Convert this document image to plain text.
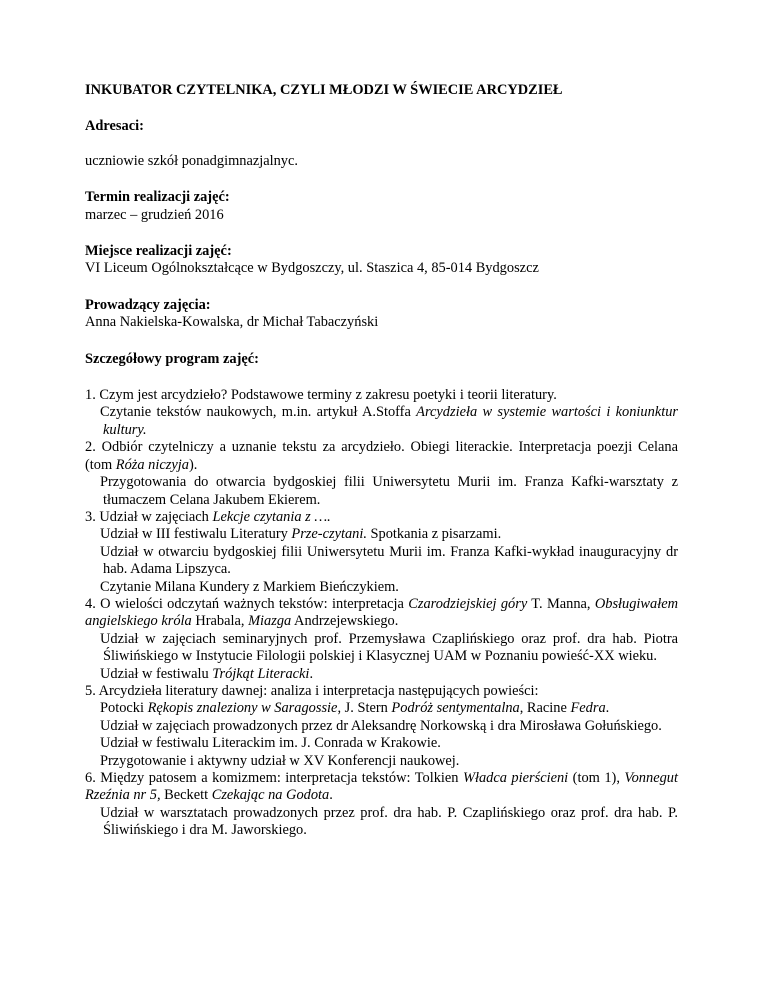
INKUBATOR CZYTELNIKA, CZYLI MŁODZI W ŚWIECIE ARCYDZIEŁ

Adresaci:

uczniowie szkół ponadgimnazjalnyc.

Termin realizacji zajęć:

marzec – grudzień 2016

Miejsce realizacji zajęć:

VI Liceum Ogólnokształcące w Bydgoszczy, ul. Staszica 4, 85-014 Bydgoszcz

Prowadzący zajęcia:

Anna Nakielska-Kowalska, dr Michał Tabaczyński

Szczegółowy program zajęć:

1. Czym jest arcydzieło? Podstawowe terminy z zakresu poetyki i teorii literatury.
Czytanie tekstów naukowych, m.in. artykuł A.Stoffa Arcydzieła w systemie wartości i koniunktur kultury.
2. Odbiór czytelniczy a uznanie tekstu za arcydzieło. Obiegi literackie. Interpretacja poezji Celana (tom Róża niczyja).
Przygotowania do otwarcia bydgoskiej filii Uniwersytetu Murii im. Franza Kafki-warsztaty z tłumaczem Celana Jakubem Ekierem.
3. Udział w zajęciach Lekcje czytania z ….
Udział w III festiwalu Literatury Prze-czytani. Spotkania z pisarzami.
Udział w otwarciu bydgoskiej filii Uniwersytetu Murii im. Franza Kafki-wykład inauguracyjny dr hab. Adama Lipszyca.
Czytanie Milana Kundery z Markiem Bieńczykiem.
4. O wielości odczytań ważnych tekstów: interpretacja Czarodziejskiej góry T. Manna, Obsługiwałem angielskiego króla Hrabala, Miazga Andrzejewskiego.
Udział w zajęciach seminaryjnych prof. Przemysława Czaplińskiego oraz prof. dra hab. Piotra Śliwińskiego w Instytucie Filologii polskiej i Klasycznej UAM w Poznaniu powieść-XX wieku.
Udział w festiwalu Trójkąt Literacki.
5. Arcydzieła literatury dawnej: analiza i interpretacja następujących powieści:
Potocki Rękopis znaleziony w Saragossie, J. Stern Podróż sentymentalna, Racine Fedra.
Udział w zajęciach prowadzonych przez dr Aleksandrę Norkowską i dra Mirosława Gołuńskiego.
Udział w festiwalu Literackim im. J. Conrada w Krakowie.
Przygotowanie i aktywny udział w XV Konferencji naukowej.
6. Między patosem a komizmem: interpretacja tekstów: Tolkien Władca pierścieni (tom 1), Vonnegut Rzeźnia nr 5, Beckett Czekając na Godota.
Udział w warsztatach prowadzonych przez prof. dra hab. P. Czaplińskiego oraz prof. dra hab. P. Śliwińskiego i dra M. Jaworskiego.
